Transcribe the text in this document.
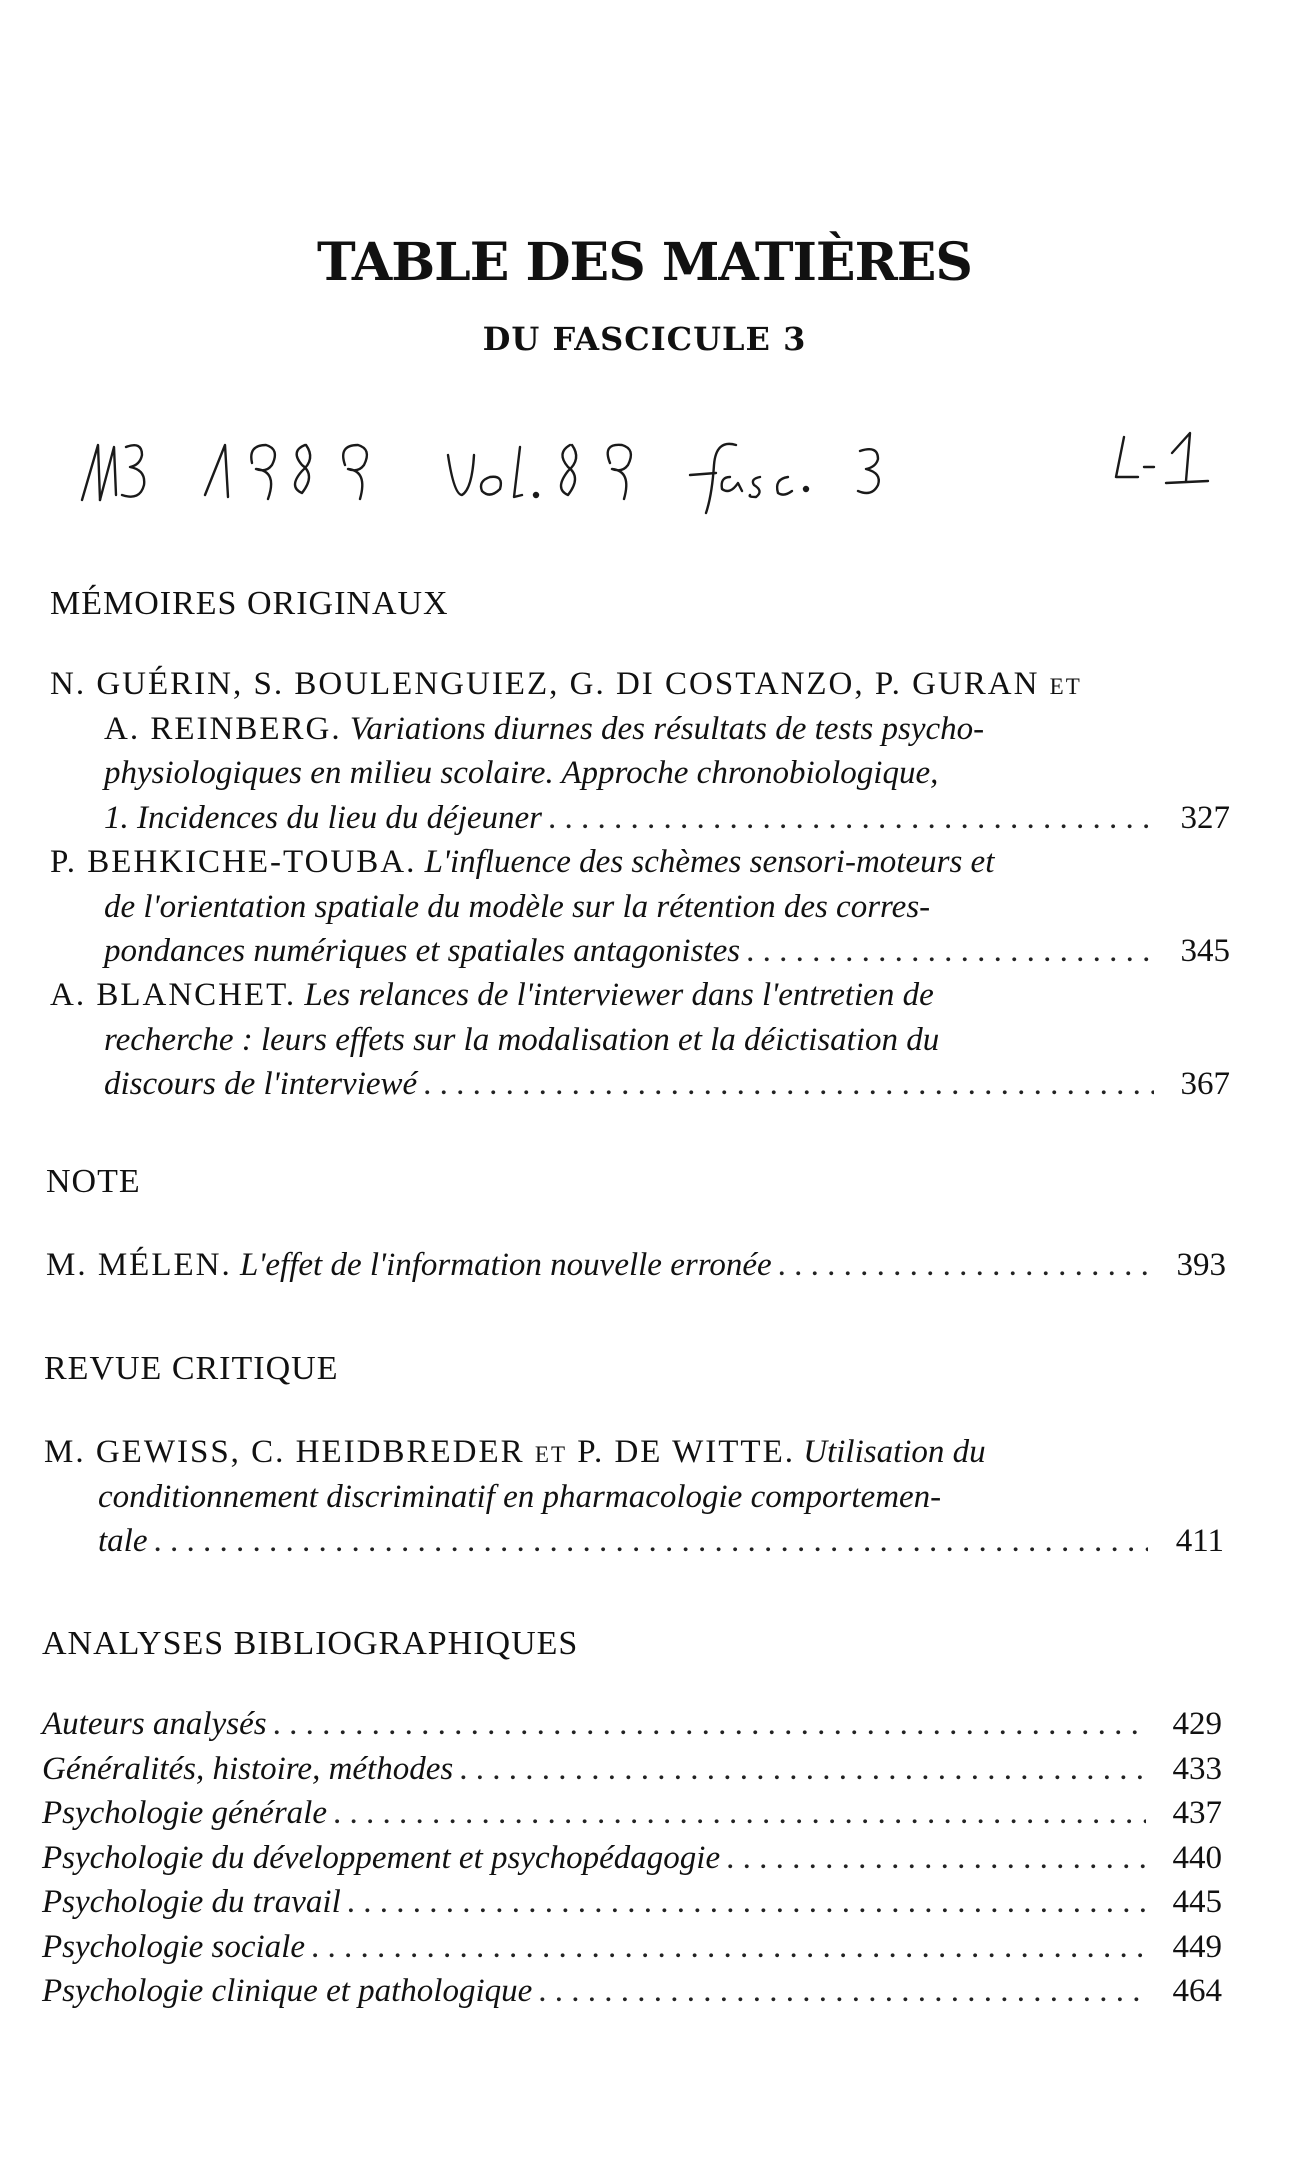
TABLE DES MATIÈRES
DU FASCICULE 3
MÉMOIRES ORIGINAUX
N. GUÉRIN, S. BOULENGUIEZ, G. DI COSTANZO, P. GURAN et
A. REINBERG.
Variations diurnes des résultats de tests psycho-
physiologiques en milieu scolaire. Approche chronobiologique,
1. Incidences du lieu du déjeuner . . .	327
P. BEHKICHE-TOUBA.
L'influence des schèmes sensori-moteurs et
de l'orientation spatiale du modèle sur la rétention des corres-
pondances numériques et spatiales antagonistes . . .	345
A. BLANCHET.
Les relances de l'interviewer dans l'entretien de
recherche : leurs effets sur la modalisation et la déictisation du
discours de l'interviewé . . .	367
NOTE
M. MÉLEN.
L'effet de l'information nouvelle erronée . . .	393
REVUE CRITIQUE
M. GEWISS, C. HEIDBREDER et P. DE WITTE.
Utilisation du
conditionnement discriminatif en pharmacologie comportemen-
tale . . .	411
ANALYSES BIBLIOGRAPHIQUES
Auteurs analysés . . .	429
Généralités, histoire, méthodes . . .	433
Psychologie générale . . .	437
Psychologie du développement et psychopédagogie . . .	440
Psychologie du travail . . .	445
Psychologie sociale . . .	449
Psychologie clinique et pathologique . . .	464
